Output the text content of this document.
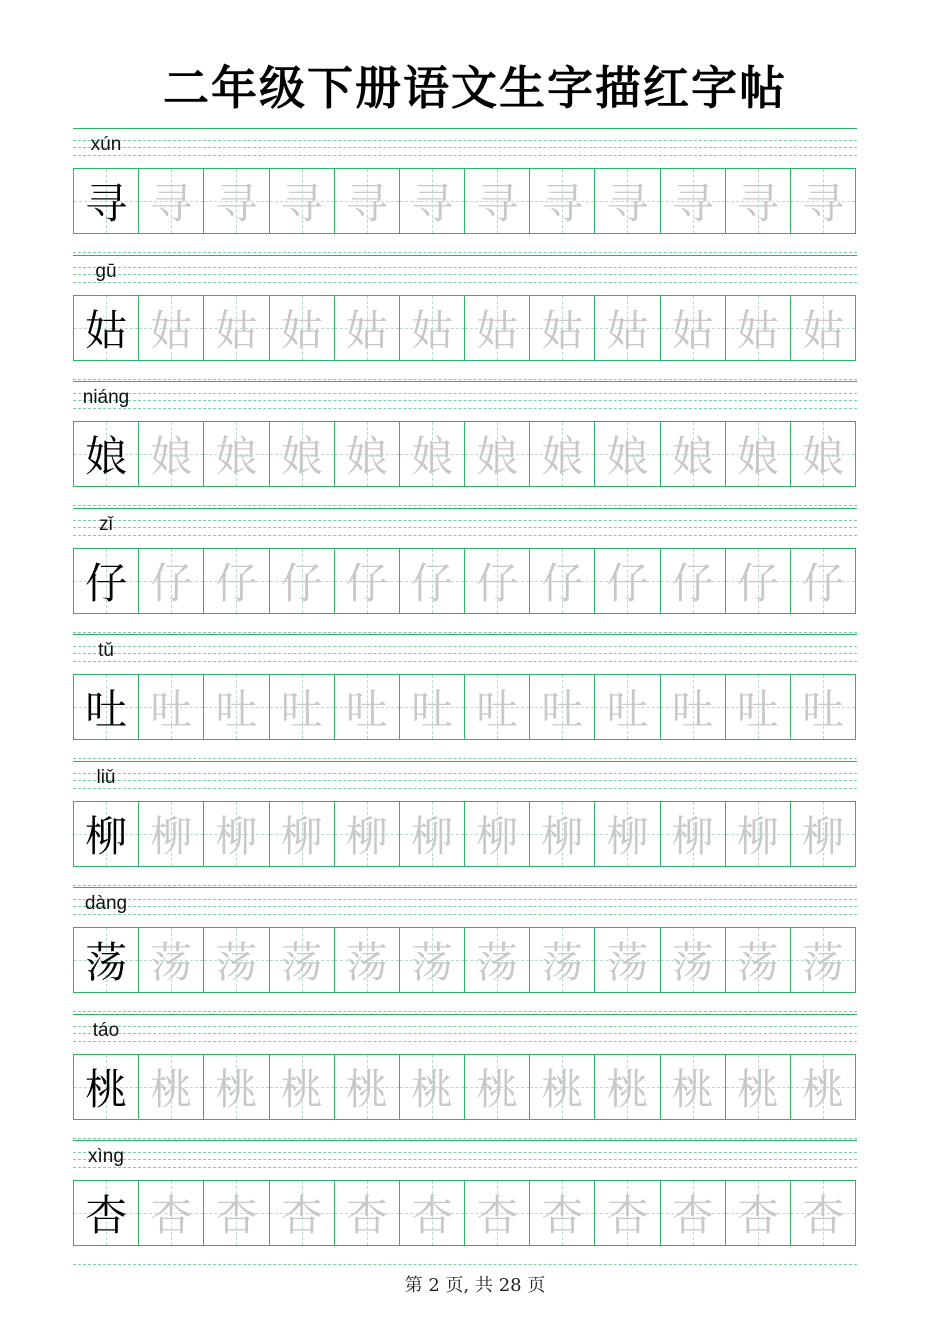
二年级下册语文生字描红字帖
xún
寻 寻 寻 寻 寻 寻 寻 寻 寻 寻 寻 寻
gū
姑 姑 姑 姑 姑 姑 姑 姑 姑 姑 姑 姑
niáng
娘 娘 娘 娘 娘 娘 娘 娘 娘 娘 娘 娘
zǐ
仔 仔 仔 仔 仔 仔 仔 仔 仔 仔 仔 仔
tǔ
吐 吐 吐 吐 吐 吐 吐 吐 吐 吐 吐 吐
liǔ
柳 柳 柳 柳 柳 柳 柳 柳 柳 柳 柳 柳
dàng
荡 荡 荡 荡 荡 荡 荡 荡 荡 荡 荡 荡
táo
桃 桃 桃 桃 桃 桃 桃 桃 桃 桃 桃 桃
xìng
杏 杏 杏 杏 杏 杏 杏 杏 杏 杏 杏 杏
第 2 页, 共 28 页
